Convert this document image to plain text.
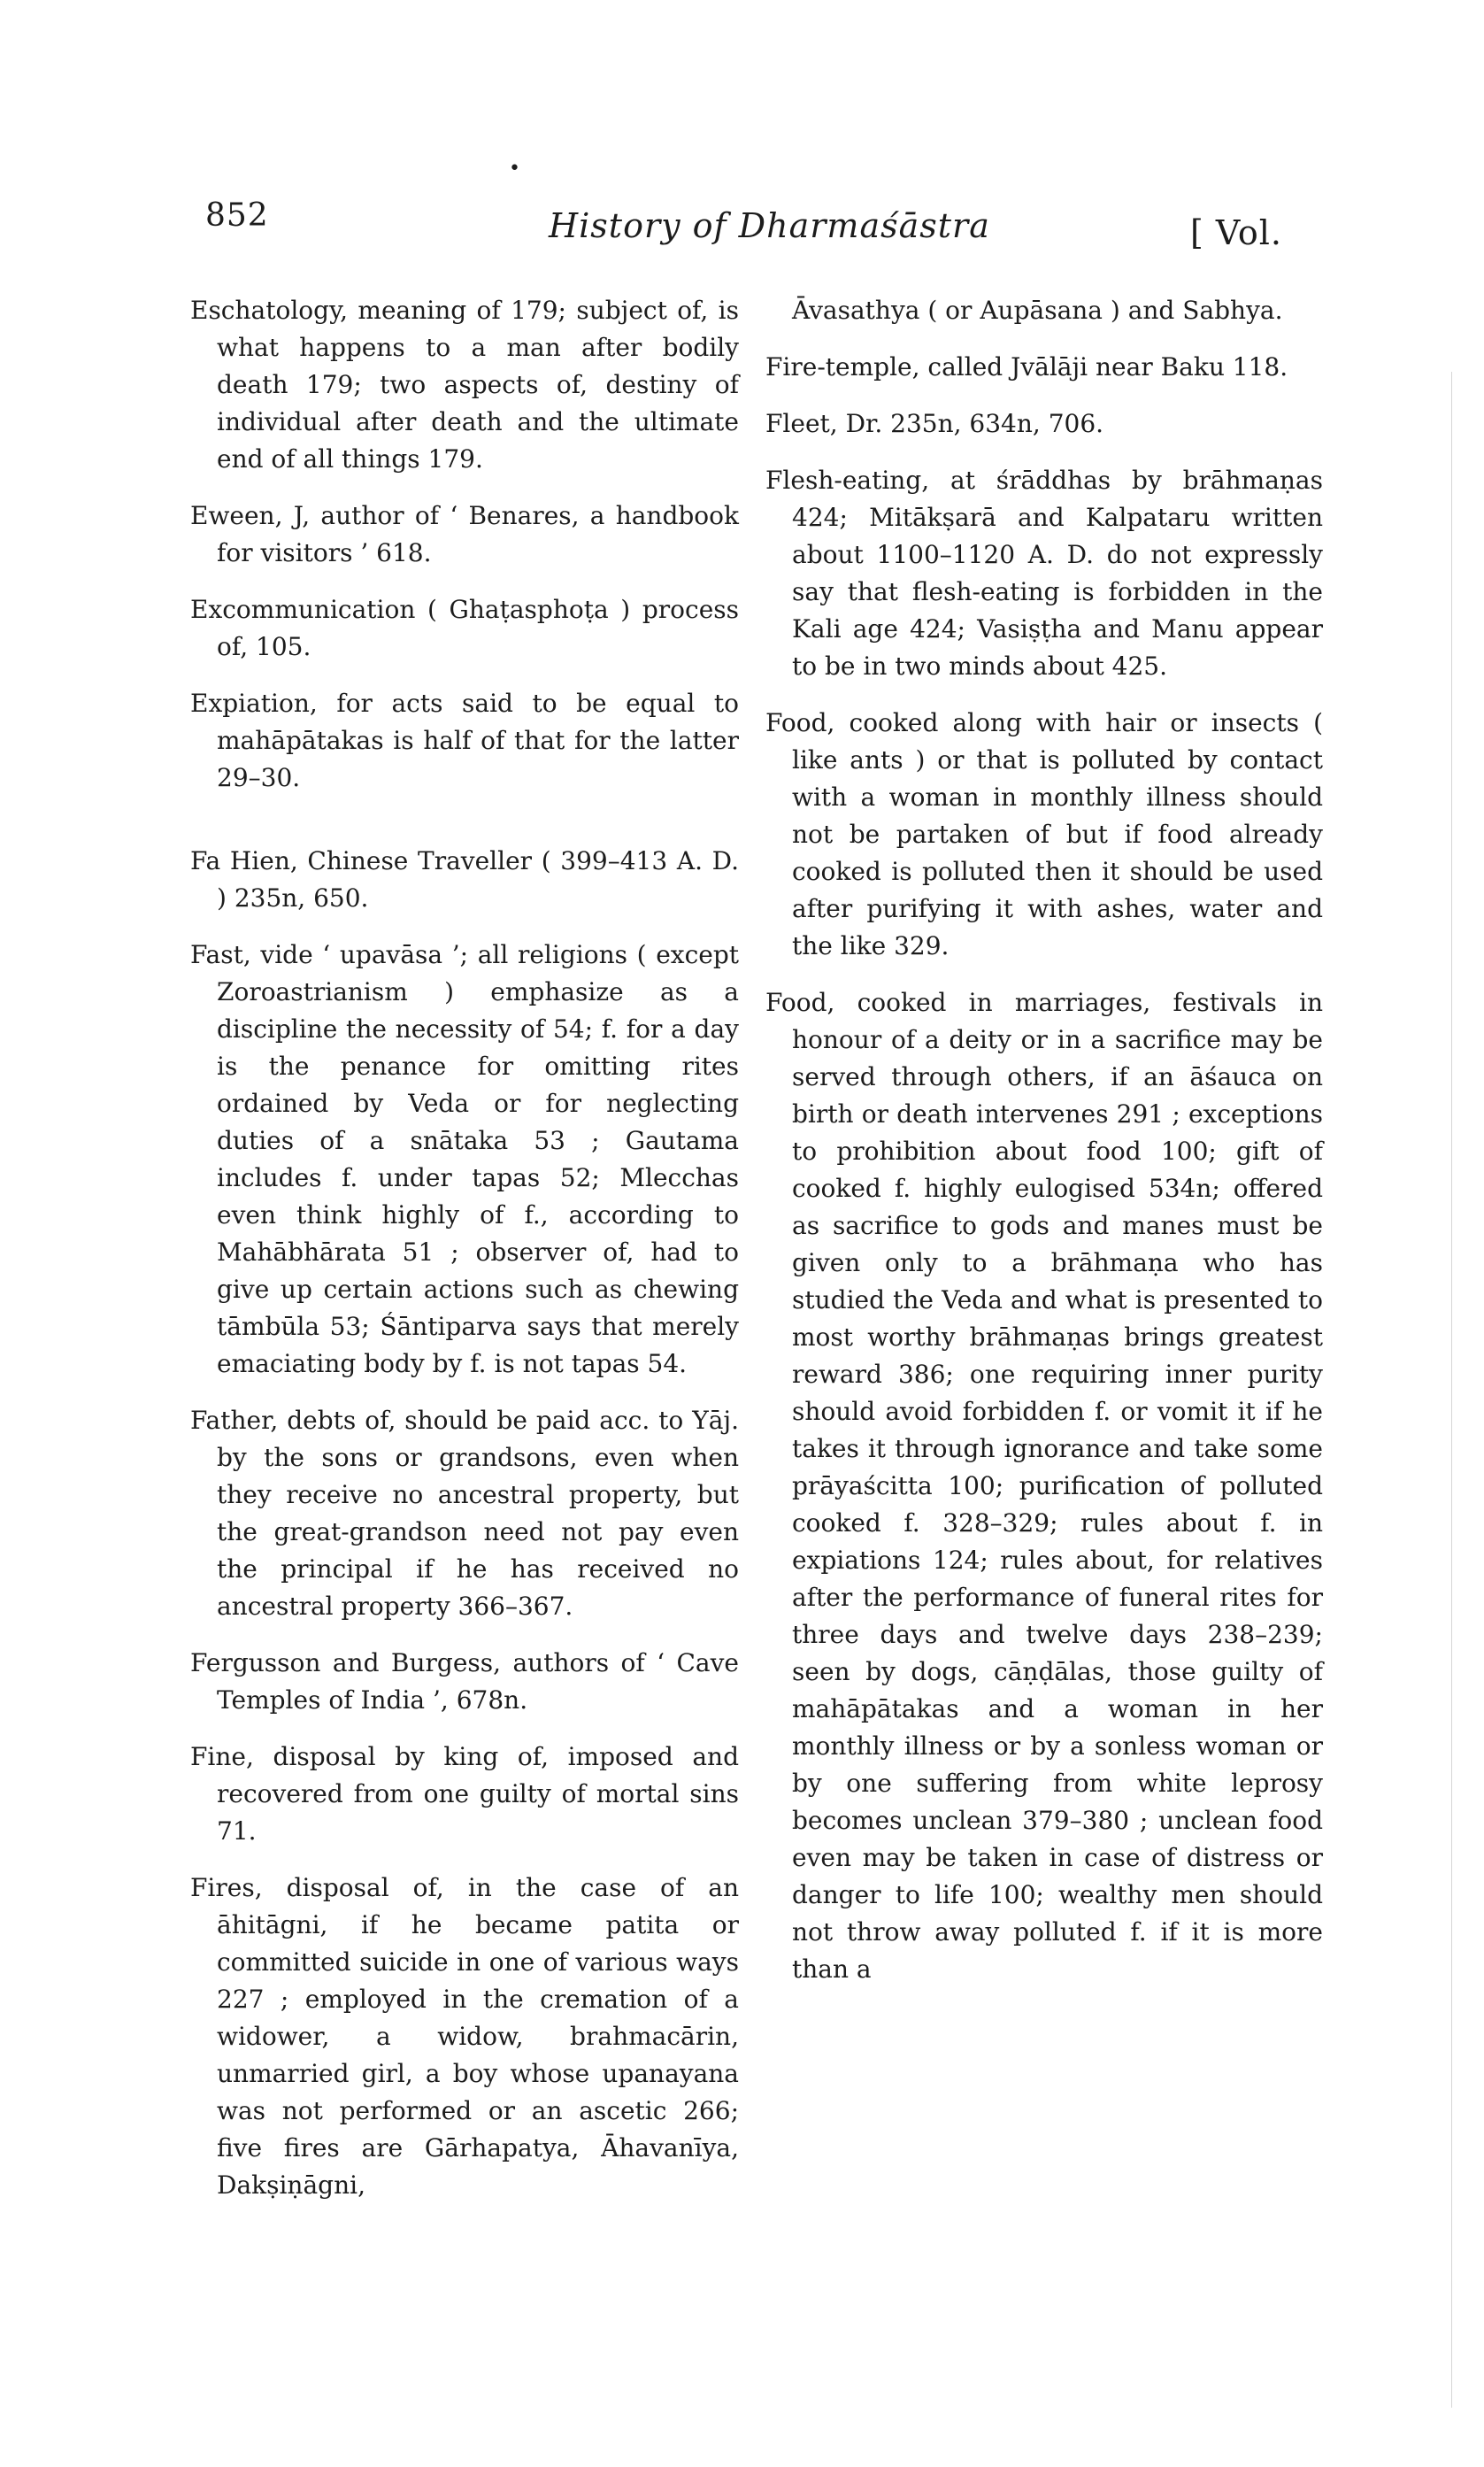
852	History of Dharmaśāstra	[ Vol.
•

Eschatology, meaning of 179; subject of, is what happens to a man after bodily death 179; two aspects of, destiny of individual after death and the ultimate end of all things 179.

Eween, J, author of ‘ Benares, a handbook for visitors ’ 618.

Excommunication ( Ghaṭasphoṭa ) process of, 105.

Expiation, for acts said to be equal to mahāpātakas is half of that for the latter 29–30.

Fa Hien, Chinese Traveller ( 399–413 A. D. ) 235n, 650.

Fast, vide ‘ upavāsa ’; all religions ( except Zoroastrianism ) emphasize as a discipline the necessity of 54; f. for a day is the penance for omitting rites ordained by Veda or for neglecting duties of a snātaka 53 ; Gautama includes f. under tapas 52; Mlecchas even think highly of f., according to Mahābhārata 51 ; observer of, had to give up certain actions such as chewing tāmbūla 53; Śāntiparva says that merely emaciating body by f. is not tapas 54.

Father, debts of, should be paid acc. to Yāj. by the sons or grandsons, even when they receive no ancestral property, but the great-grandson need not pay even the principal if he has received no ancestral property 366–367.

Fergusson and Burgess, authors of ‘ Cave Temples of India ’, 678n.

Fine, disposal by king of, imposed and recovered from one guilty of mortal sins 71.

Fires, disposal of, in the case of an āhitāgni, if he became patita or committed suicide in one of various ways 227 ; employed in the cremation of a widower, a widow, brahmacārin, unmarried girl, a boy whose upanayana was not performed or an ascetic 266; five fires are Gārhapatya, Āhavanīya, Dakṣiṇāgni,

Āvasathya ( or Aupāsana ) and Sabhya.

Fire-temple, called Jvālāji near Baku 118.

Fleet, Dr. 235n, 634n, 706.

Flesh-eating, at śrāddhas by brāhmaṇas 424; Mitākṣarā and Kalpataru written about 1100–1120 A. D. do not expressly say that flesh-eating is forbidden in the Kali age 424; Vasiṣṭha and Manu appear to be in two minds about 425.

Food, cooked along with hair or insects ( like ants ) or that is polluted by contact with a woman in monthly illness should not be partaken of but if food already cooked is polluted then it should be used after purifying it with ashes, water and the like 329.

Food, cooked in marriages, festivals in honour of a deity or in a sacrifice may be served through others, if an āśauca on birth or death intervenes 291 ; exceptions to prohibition about food 100; gift of cooked f. highly eulogised 534n; offered as sacrifice to gods and manes must be given only to a brāhmaṇa who has studied the Veda and what is presented to most worthy brāhmaṇas brings greatest reward 386; one requiring inner purity should avoid forbidden f. or vomit it if he takes it through ignorance and take some prāyaścitta 100; purification of polluted cooked f. 328–329; rules about f. in expiations 124; rules about, for relatives after the performance of funeral rites for three days and twelve days 238–239; seen by dogs, cāṇḍālas, those guilty of mahāpātakas and a woman in her monthly illness or by a sonless woman or by one suffering from white leprosy becomes unclean 379–380 ; unclean food even may be taken in case of distress or danger to life 100; wealthy men should not throw away polluted f. if it is more than a
